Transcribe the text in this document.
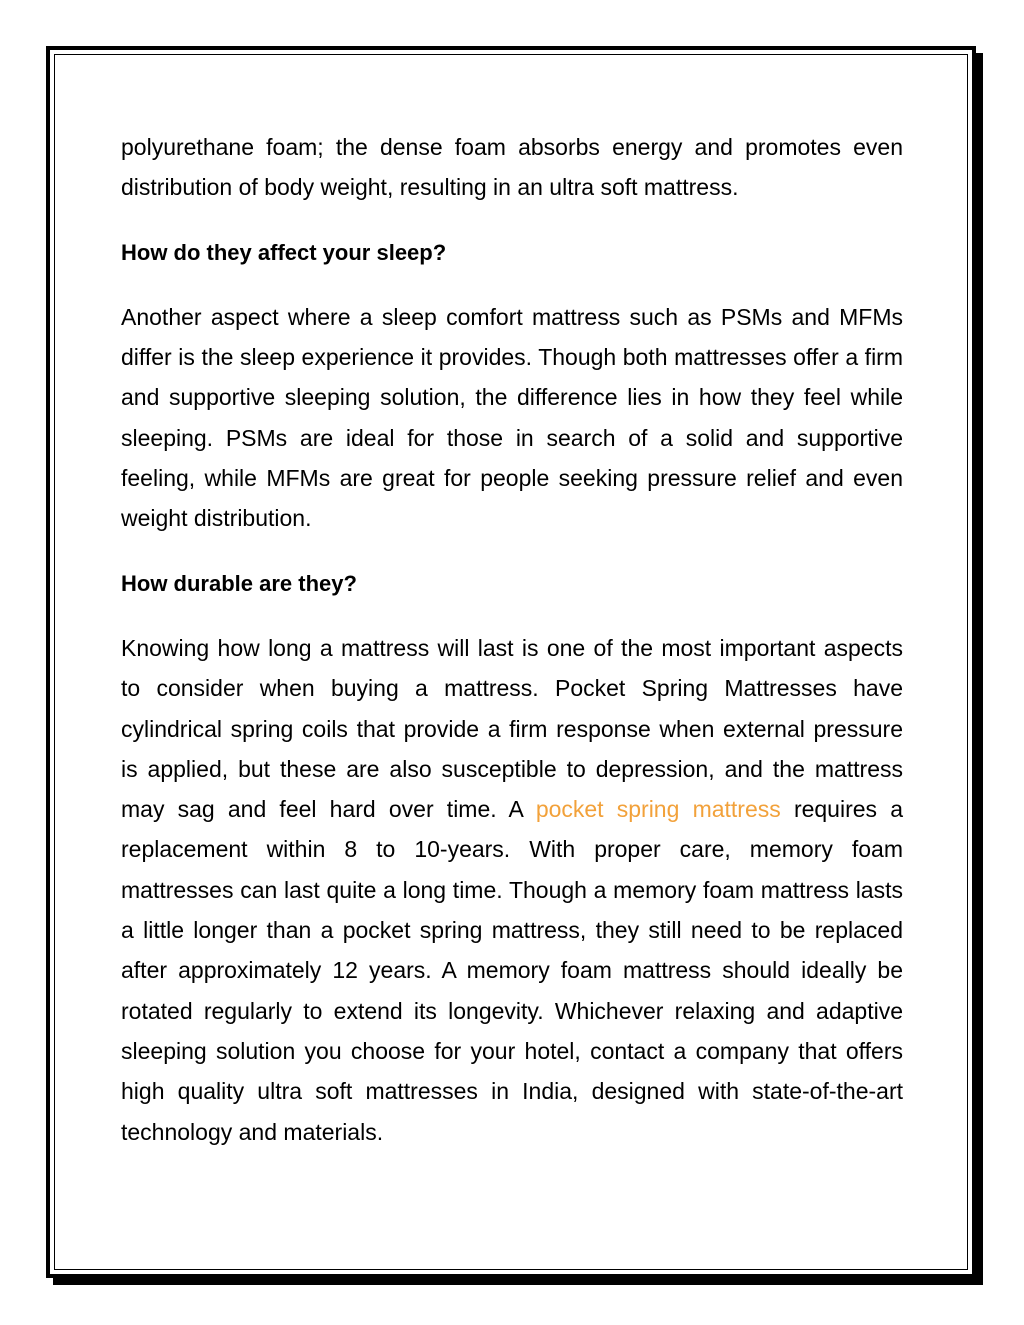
polyurethane foam; the dense foam absorbs energy and promotes even distribution of body weight, resulting in an ultra soft mattress.

How do they affect your sleep?

Another aspect where a sleep comfort mattress such as PSMs and MFMs differ is the sleep experience it provides. Though both mattresses offer a firm and supportive sleeping solution, the difference lies in how they feel while sleeping. PSMs are ideal for those in search of a solid and supportive feeling, while MFMs are great for people seeking pressure relief and even weight distribution.

How durable are they?

Knowing how long a mattress will last is one of the most important aspects to consider when buying a mattress. Pocket Spring Mattresses have cylindrical spring coils that provide a firm response when external pressure is applied, but these are also susceptible to depression, and the mattress may sag and feel hard over time. A pocket spring mattress requires a replacement within 8 to 10-years. With proper care, memory foam mattresses can last quite a long time. Though a memory foam mattress lasts a little longer than a pocket spring mattress, they still need to be replaced after approximately 12 years. A memory foam mattress should ideally be rotated regularly to extend its longevity. Whichever relaxing and adaptive sleeping solution you choose for your hotel, contact a company that offers high quality ultra soft mattresses in India, designed with state-of-the-art technology and materials.
